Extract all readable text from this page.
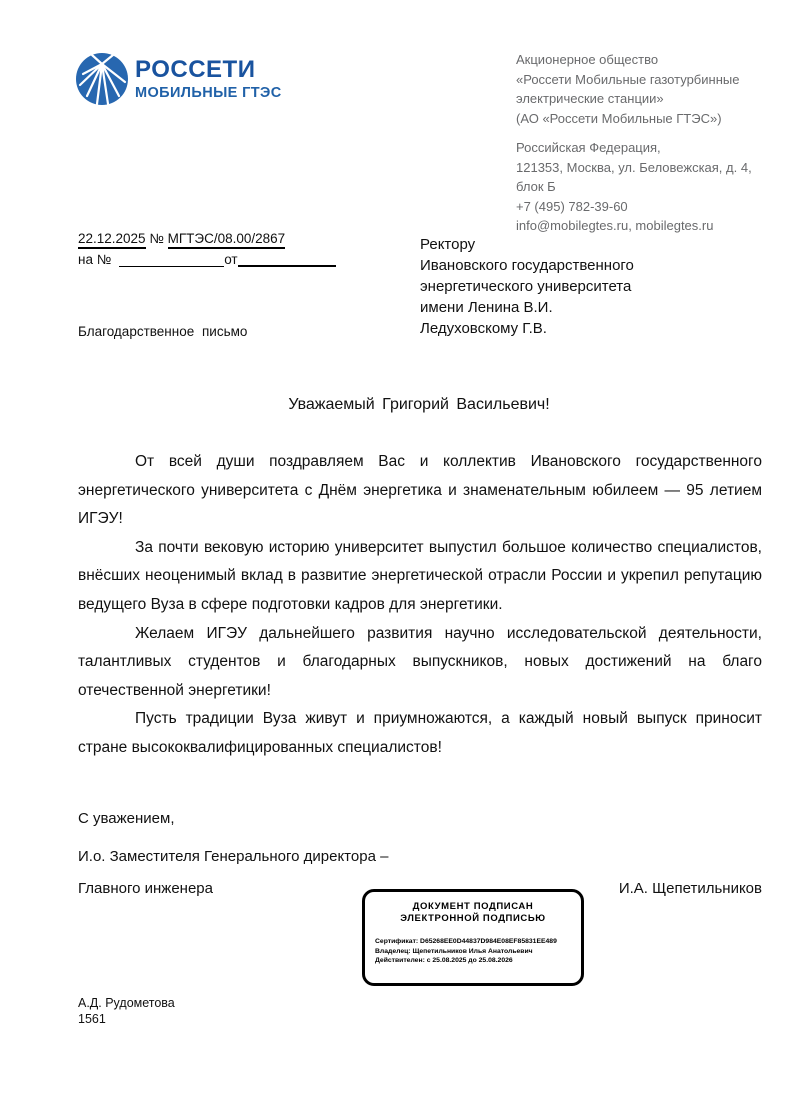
РОССЕТИ
МОБИЛЬНЫЕ ГТЭС
Акционерное общество
«Россети Мобильные газотурбинные
электрические станции»
(АО «Россети Мобильные ГТЭС»)
Российская Федерация,
121353, Москва, ул. Беловежская, д. 4, блок Б
+7 (495) 782-39-60
info@mobilegtes.ru, mobilegtes.ru
22.12.2025 № МГТЭС/08.00/2867
на №	от
Ректору
Ивановского государственного
энергетического университета
имени Ленина В.И.
Ледуховскому Г.В.
Благодарственное письмо
Уважаемый Григорий Васильевич!

От всей души поздравляем Вас и коллектив Ивановского государственного энергетического университета с Днём энергетика и знаменательным юбилеем — 95 летием ИГЭУ!

За почти вековую историю университет выпустил большое количество специалистов, внёсших неоценимый вклад в развитие энергетической отрасли России и укрепил репутацию ведущего Вуза в сфере подготовки кадров для энергетики.

Желаем ИГЭУ дальнейшего развития научно исследовательской деятельности, талантливых студентов и благодарных выпускников, новых достижений на благо отечественной энергетики!

Пусть традиции Вуза живут и приумножаются, а каждый новый выпуск приносит стране высококвалифицированных специалистов!

С уважением,
И.о. Заместителя Генерального директора –
Главного инженера	И.А. Щепетильников
ДОКУМЕНТ ПОДПИСАН
ЭЛЕКТРОННОЙ ПОДПИСЬЮ
Сертификат: D65268EE0D44837D984E08EF85831EE489
Владелец: Щепетильников Илья Анатольевич
Действителен: с 25.08.2025 до 25.08.2026
А.Д. Рудометова
1561
